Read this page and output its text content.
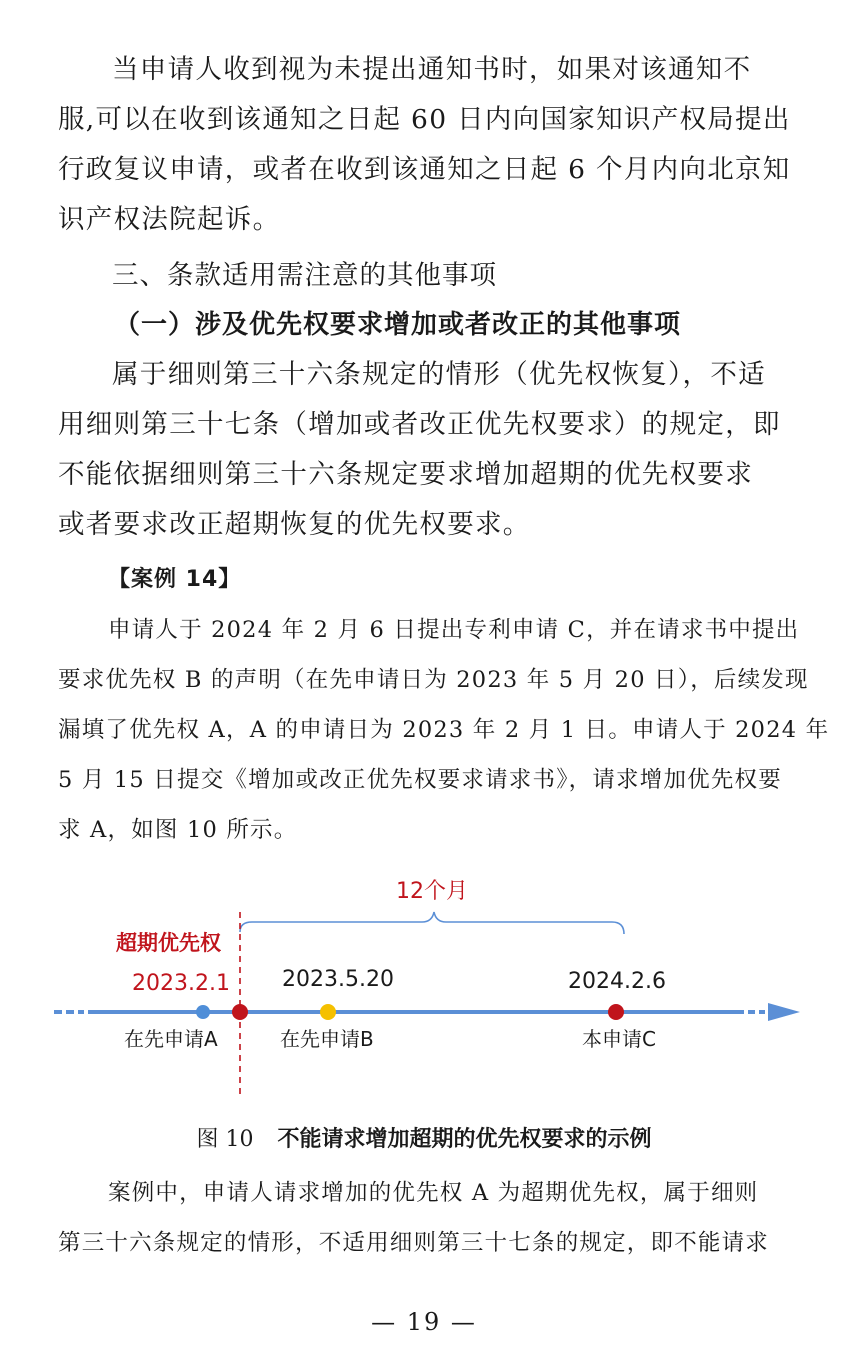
当申请人收到视为未提出通知书时，如果对该通知不
服,可以在收到该通知之日起 60 日内向国家知识产权局提出
行政复议申请，或者在收到该通知之日起 6 个月内向北京知
识产权法院起诉。
三、条款适用需注意的其他事项
（一）涉及优先权要求增加或者改正的其他事项
属于细则第三十六条规定的情形（优先权恢复），不适
用细则第三十七条（增加或者改正优先权要求）的规定，即
不能依据细则第三十六条规定要求增加超期的优先权要求
或者要求改正超期恢复的优先权要求。
【案例 14】
申请人于 2024 年 2 月 6 日提出专利申请 C，并在请求书中提出
要求优先权 B 的声明（在先申请日为 2023 年 5 月 20 日），后续发现
漏填了优先权 A，A 的申请日为 2023 年 2 月 1 日。申请人于 2024 年
5 月 15 日提交《增加或改正优先权要求请求书》，请求增加优先权要
求 A，如图 10 所示。
12个月
超期优先权
2023.2.1 2023.5.20	2024.2.6
在先申请A	在先申请B	本申请C
图 10 不能请求增加超期的优先权要求的示例
案例中，申请人请求增加的优先权 A 为超期优先权，属于细则
第三十六条规定的情形，不适用细则第三十七条的规定，即不能请求
— 19 —
